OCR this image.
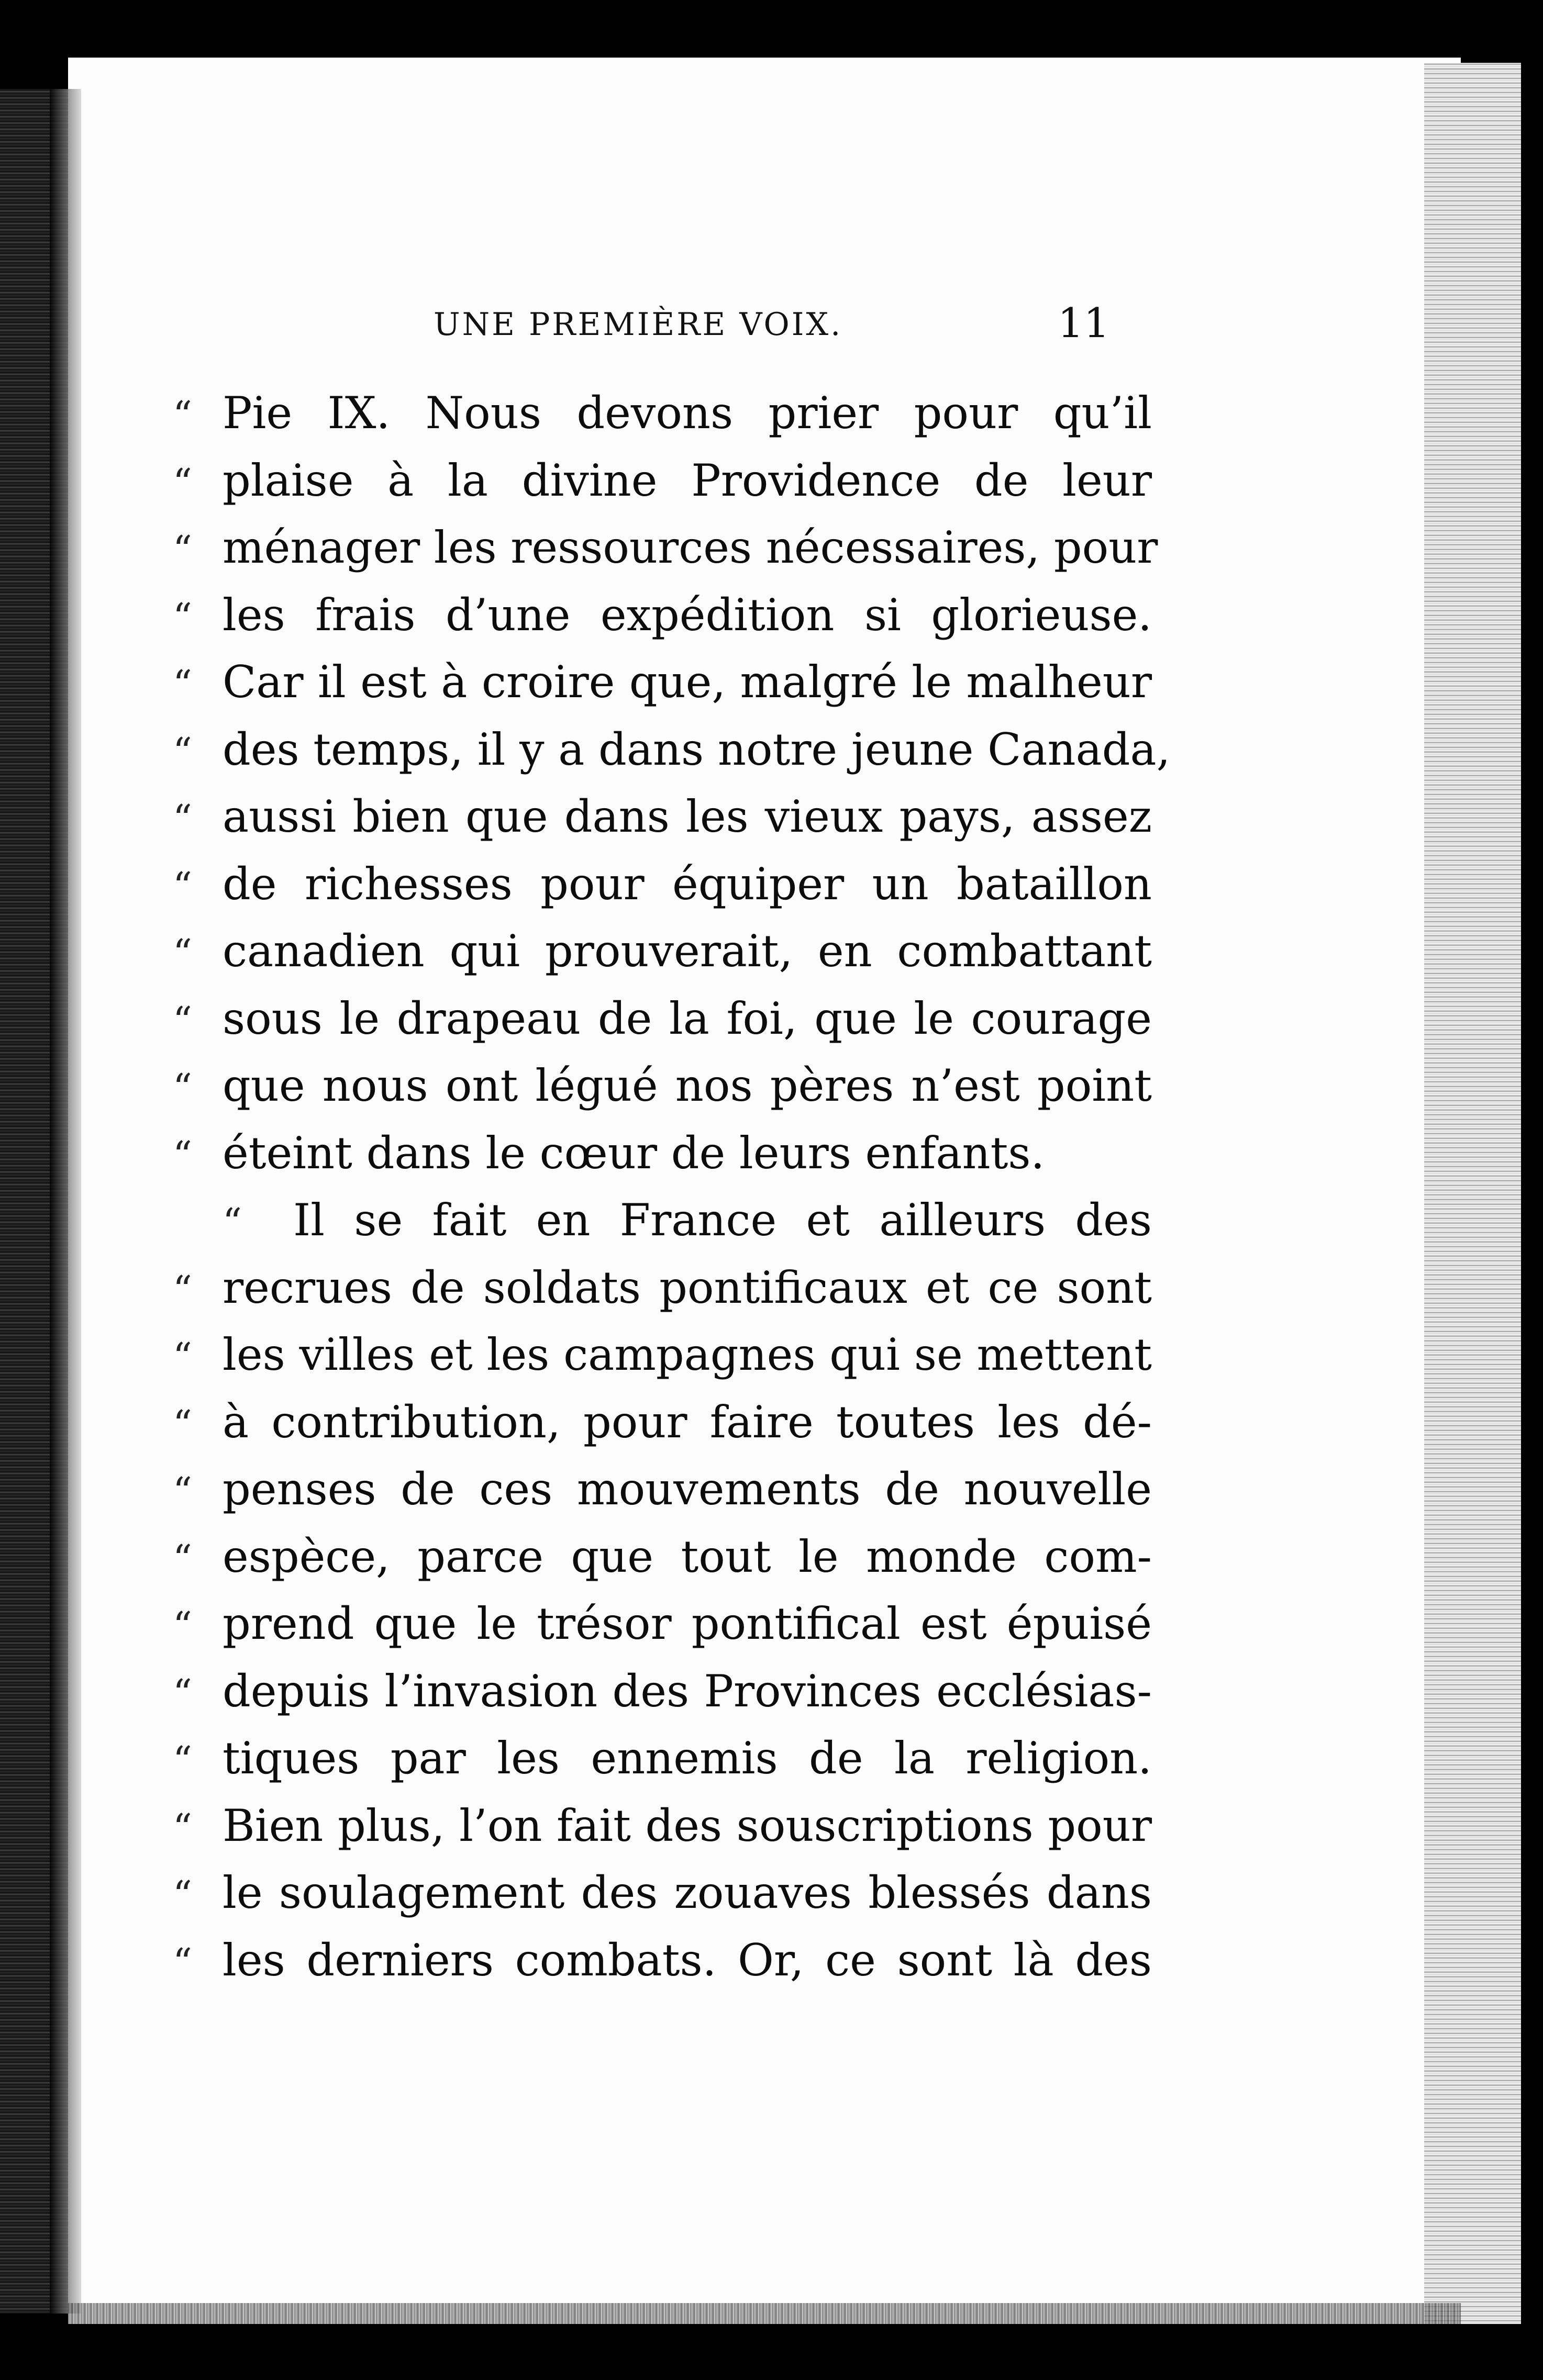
UNE PREMIÈRE VOIX.	11
“ Pie IX. Nous devons prier pour qu’il
“ plaise à la divine Providence de leur
“ ménager les ressources nécessaires, pour
“ les frais d’une expédition si glorieuse.
“ Car il est à croire que, malgré le malheur
“ des temps, il y a dans notre jeune Canada,
“ aussi bien que dans les vieux pays, assez
“ de richesses pour équiper un bataillon
“ canadien qui prouverait, en combattant
“ sous le drapeau de la foi, que le courage
“ que nous ont légué nos pères n’est point
“ éteint dans le cœur de leurs enfants.
“	Il se fait en France et ailleurs des
“ recrues de soldats pontificaux et ce sont
“ les villes et les campagnes qui se mettent
“ à contribution, pour faire toutes les dé-
“ penses de ces mouvements de nouvelle
“ espèce, parce que tout le monde com-
“ prend que le trésor pontifical est épuisé
“ depuis l’invasion des Provinces ecclésias-
“ tiques par les ennemis de la religion.
“ Bien plus, l’on fait des souscriptions pour
“ le soulagement des zouaves blessés dans
“ les derniers combats. Or, ce sont là des
